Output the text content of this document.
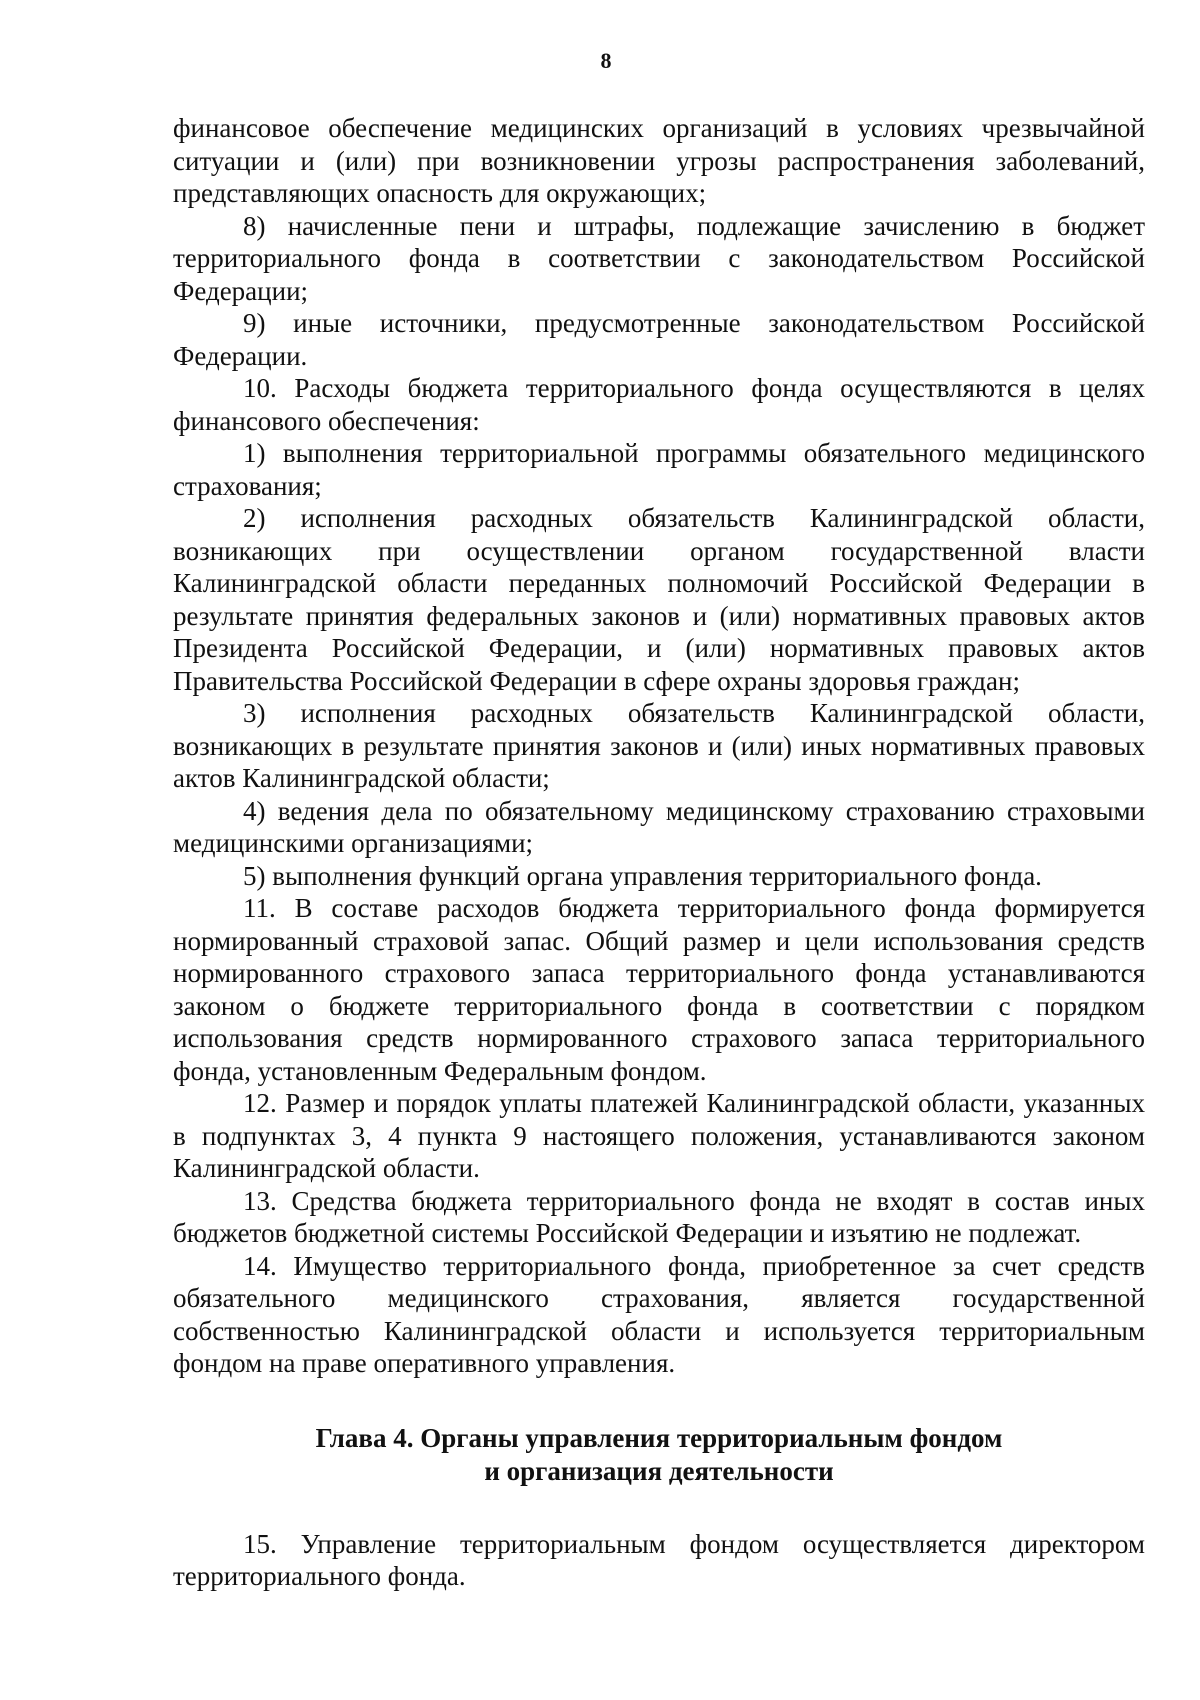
8

финансовое обеспечение медицинских организаций в условиях чрезвычайной ситуации и (или) при возникновении угрозы распространения заболеваний, представляющих опасность для окружающих;

8) начисленные пени и штрафы, подлежащие зачислению в бюджет территориального фонда в соответствии с законодательством Российской Федерации;

9) иные источники, предусмотренные законодательством Российской Федерации.

10. Расходы бюджета территориального фонда осуществляются в целях финансового обеспечения:

1) выполнения территориальной программы обязательного медицинского страхования;

2) исполнения расходных обязательств Калининградской области, возникающих при осуществлении органом государственной власти Калининградской области переданных полномочий Российской Федерации в результате принятия федеральных законов и (или) нормативных правовых актов Президента Российской Федерации, и (или) нормативных правовых актов Правительства Российской Федерации в сфере охраны здоровья граждан;

3) исполнения расходных обязательств Калининградской области, возникающих в результате принятия законов и (или) иных нормативных правовых актов Калининградской области;

4) ведения дела по обязательному медицинскому страхованию страховыми медицинскими организациями;

5) выполнения функций органа управления территориального фонда.

11. В составе расходов бюджета территориального фонда формируется нормированный страховой запас. Общий размер и цели использования средств нормированного страхового запаса территориального фонда устанавливаются законом о бюджете территориального фонда в соответствии с порядком использования средств нормированного страхового запаса территориального фонда, установленным Федеральным фондом.

12. Размер и порядок уплаты платежей Калининградской области, указанных в подпунктах 3, 4 пункта 9 настоящего положения, устанавливаются законом Калининградской области.

13. Средства бюджета территориального фонда не входят в состав иных бюджетов бюджетной системы Российской Федерации и изъятию не подлежат.

14. Имущество территориального фонда, приобретенное за счет средств обязательного медицинского страхования, является государственной собственностью Калининградской области и используется территориальным фондом на праве оперативного управления.

Глава 4. Органы управления территориальным фондом
и организация деятельности

15. Управление территориальным фондом осуществляется директором территориального фонда.
